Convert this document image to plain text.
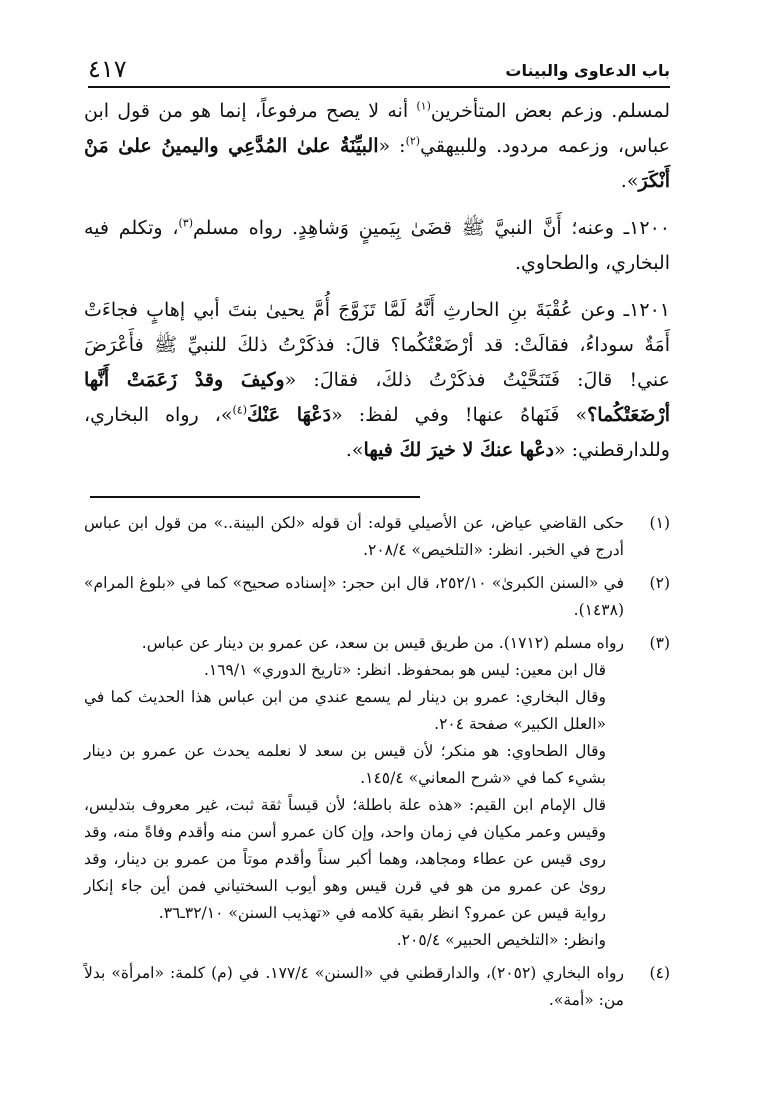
باب الدعاوى والبينات
٤١٧

لمسلم. وزعم بعض المتأخرين$^{(١)}$ أنه لا يصح مرفوعاً، إنما هو من قول ابن عباس، وزعمه مردود. وللبيهقي$^{(٢)}$: «البيِّنَةُ علىٰ المُدَّعِي واليمينُ علىٰ مَنْ أَنْكَرَ».

١٢٠٠ـ وعنه؛ أَنَّ النبيَّ ﷺ قضَىٰ بِيَمينٍ وَشاهِدٍ. رواه مسلم$^{(٣)}$، وتكلم فيه البخاري، والطحاوي.

١٢٠١ـ وعن عُقْبَةَ بنِ الحارثِ أَنَّهُ لَمَّا تَزَوَّجَ أُمَّ يحيىٰ بنتَ أبي إهابٍ فجاءَتْ أَمَةٌ سوداءُ، فقالَتْ: قد أرْضَعْتُكُما؟ قالَ: فذكَرْتُ ذلكَ للنبيِّ ﷺ فأَعْرَضَ عني! قالَ: فَتَنَحَّيْتُ فذكَرْتُ ذلكَ، فقالَ: «وكيفَ وقدْ زَعَمَتْ أَنَّها أرْضَعَتْكُما؟» فَنَهاهُ عنها! وفي لفظ: «دَعْهَا عَنْكَ$^{(٤)}$»، رواه البخاري، وللدارقطني: «دعْها عنكَ لا خيرَ لكَ فيها».

(١)

حكى القاضي عياض، عن الأصيلي قوله: أن قوله «لكن البينة..» من قول ابن عباس أدرج في الخبر. انظر: «التلخيص» ٢٠٨/٤.

(٢)

في «السنن الكبرىٰ» ٢٥٢/١٠، قال ابن حجر: «إسناده صحيح» كما في «بلوغ المرام» (١٤٣٨).

(٣)

رواه مسلم (١٧١٢). من طريق قيس بن سعد، عن عمرو بن دينار عن عباس.

قال ابن معين: ليس هو بمحفوظ. انظر: «تاريخ الدوري» ١٦٩/١.

وقال البخاري: عمرو بن دينار لم يسمع عندي من ابن عباس هذا الحديث كما في «العلل الكبير» صفحة ٢٠٤.

وقال الطحاوي: هو منكر؛ لأن قيس بن سعد لا نعلمه يحدث عن عمرو بن دينار بشيء كما في «شرح المعاني» ١٤٥/٤.

قال الإمام ابن القيم: «هذه علة باطلة؛ لأن قيساً ثقة ثبت، غير معروف بتدليس، وقيس وعمر مكيان في زمان واحد، وإن كان عمرو أسن منه وأقدم وفاةً منه، وقد روى قيس عن عطاء ومجاهد، وهما أكبر سناً وأقدم موتاً من عمرو بن دينار، وقد روىٰ عن عمرو من هو في قرن قيس وهو أيوب السختياني فمن أين جاء إنكار رواية قيس عن عمرو؟ انظر بقية كلامه في «تهذيب السنن» ٣٢/١٠ـ٣٦.

وانظر: «التلخيص الحبير» ٢٠٥/٤.

(٤)

رواه البخاري (٢٠٥٢)، والدارقطني في «السنن» ١٧٧/٤. في (م) كلمة: «امرأة» بدلاً من: «أمة».
